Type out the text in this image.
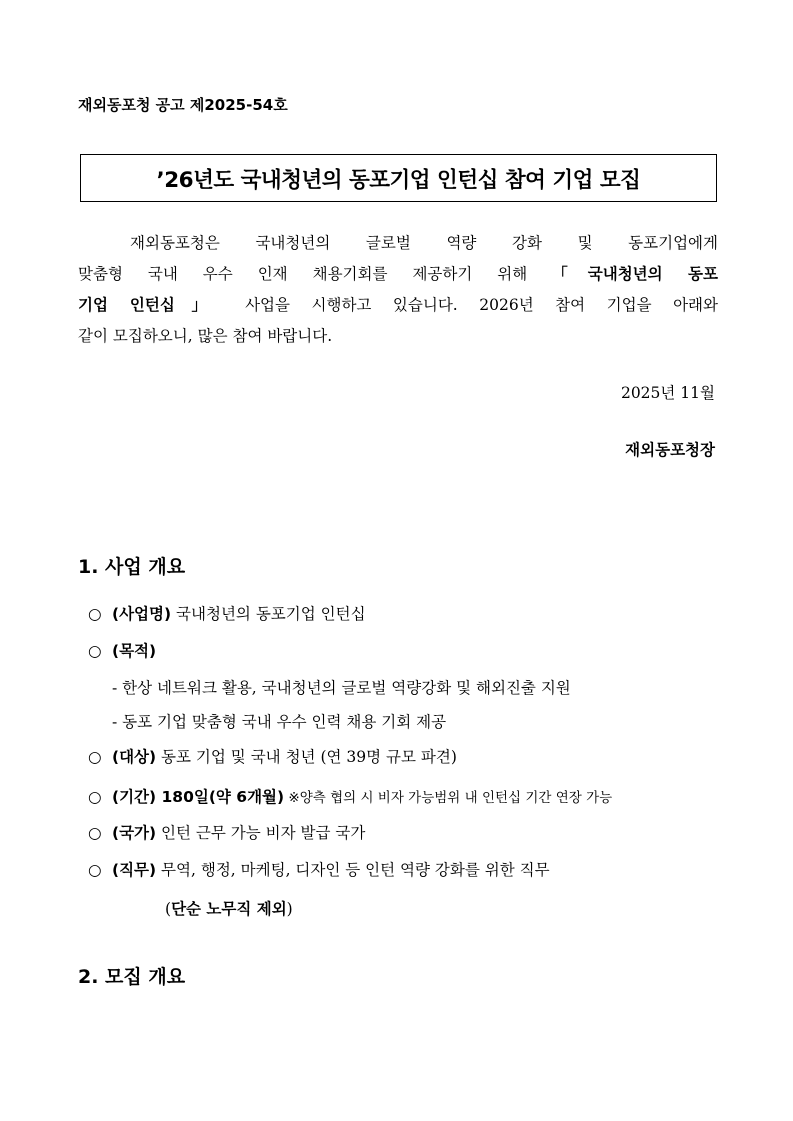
재외동포청 공고 제2025-54호
’26년도 국내청년의 동포기업 인턴십 참여 기업 모집
재외동포청은 국내청년의 글로벌 역량 강화 및 동포기업에게
맞춤형 국내 우수 인재 채용기회를 제공하기 위해 「국내청년의 동포
기업 인턴십」 사업을 시행하고 있습니다. 2026년 참여 기업을 아래와
같이 모집하오니, 많은 참여 바랍니다.
2025년 11월
재외동포청장
1. 사업 개요
○ (사업명) 국내청년의 동포기업 인턴십
○ (목적)
- 한상 네트워크 활용, 국내청년의 글로벌 역량강화 및 해외진출 지원
- 동포 기업 맞춤형 국내 우수 인력 채용 기회 제공
○ (대상) 동포 기업 및 국내 청년 (연 39명 규모 파견)
○ (기간) 180일(약 6개월) ※양측 협의 시 비자 가능범위 내 인턴십 기간 연장 가능
○ (국가) 인턴 근무 가능 비자 발급 국가
○ (직무) 무역, 행정, 마케팅, 디자인 등 인턴 역량 강화를 위한 직무
(단순 노무직 제외)
2. 모집 개요
